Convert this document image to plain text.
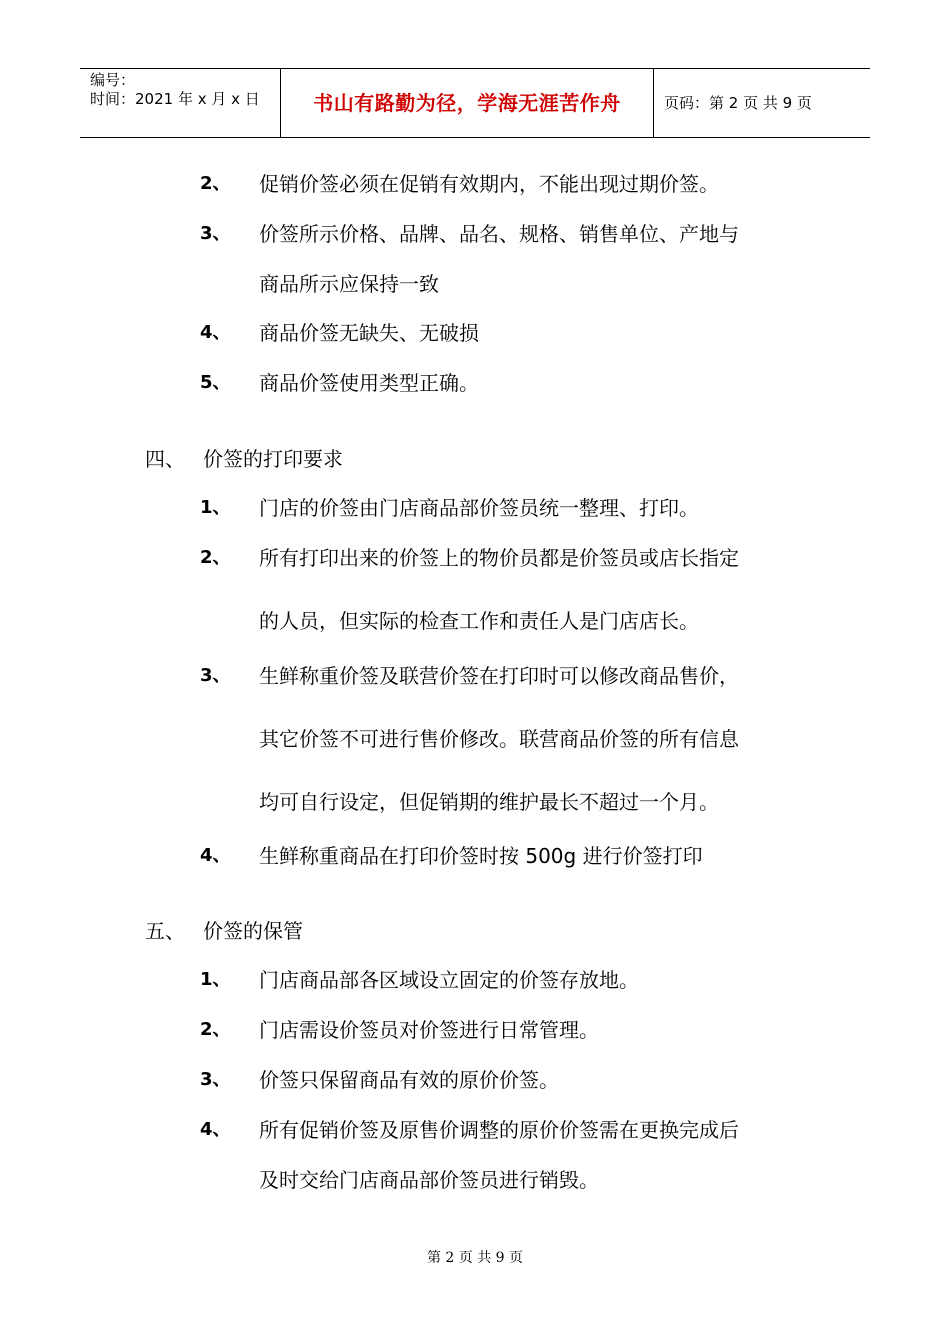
编号：
时间：2021 年 x 月 x 日	书山有路勤为径，学海无涯苦作舟	页码：第 2 页 共 9 页
2、 促销价签必须在促销有效期内，不能出现过期价签。
3、 价签所示价格、品牌、品名、规格、销售单位、产地与
商品所示应保持一致
4、 商品价签无缺失、无破损
5、 商品价签使用类型正确。
四、 价签的打印要求
1、 门店的价签由门店商品部价签员统一整理、打印。
2、 所有打印出来的价签上的物价员都是价签员或店长指定
的人员，但实际的检查工作和责任人是门店店长。
3、 生鲜称重价签及联营价签在打印时可以修改商品售价，
其它价签不可进行售价修改。联营商品价签的所有信息
均可自行设定，但促销期的维护最长不超过一个月。
4、 生鲜称重商品在打印价签时按 500g 进行价签打印
五、 价签的保管
1、 门店商品部各区域设立固定的价签存放地。
2、 门店需设价签员对价签进行日常管理。
3、 价签只保留商品有效的原价价签。
4、 所有促销价签及原售价调整的原价价签需在更换完成后
及时交给门店商品部价签员进行销毁。
第 2 页 共 9 页
